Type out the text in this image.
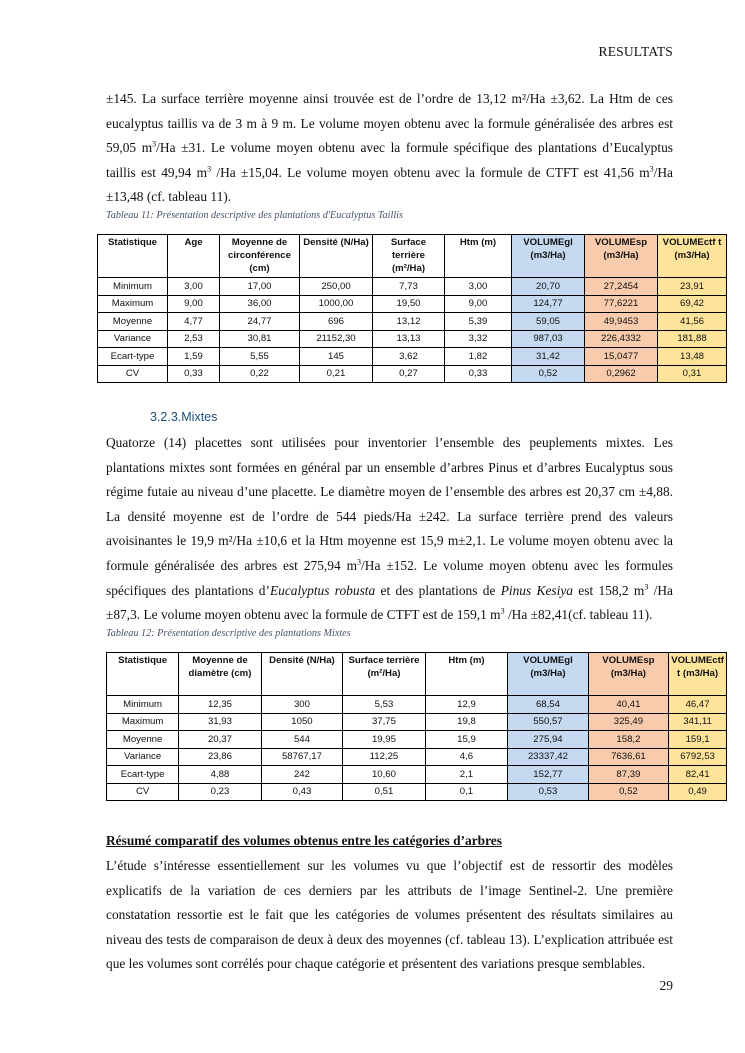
RESULTATS

±145. La surface terrière moyenne ainsi trouvée est de l’ordre de 13,12 m²/Ha ±3,62. La Htm de ces eucalyptus taillis va de 3 m à 9 m. Le volume moyen obtenu avec la formule généralisée des arbres est 59,05 $m^3/Ha \pm 31$. Le volume moyen obtenu avec la formule spécifique des plantations d’Eucalyptus taillis est 49,94 $m^3$ /Ha ±15,04. Le volume moyen obtenu avec la formule de CTFT est 41,56 $m^3/Ha \pm 13,48$ (cf. tableau 11).

Tableau 11: Présentation descriptive des plantations d'Eucalyptus Taillis

Statistique	Age	Moyenne de circonférence (cm)	Densité (N/Ha)	Surface terrière (m²/Ha)	Htm (m)	VOLUMEgl (m3/Ha)	VOLUMEsp (m3/Ha)	VOLUMEctf t (m3/Ha)
Minimum	3,00	17,00	250,00	7,73	3,00	20,70	27,2454	23,91
Maximum	9,00	36,00	1000,00	19,50	9,00	124,77	77,6221	69,42
Moyenne	4,77	24,77	696	13,12	5,39	59,05	49,9453	41,56
Variance	2,53	30,81	21152,30	13,13	3,32	987,03	226,4332	181,88
Ecart-type	1,59	5,55	145	3,62	1,82	31,42	15,0477	13,48
CV	0,33	0,22	0,21	0,27	0,33	0,52	0,2962	0,31

3.2.3.Mixtes

Quatorze (14) placettes sont utilisées pour inventorier l’ensemble des peuplements mixtes. Les plantations mixtes sont formées en général par un ensemble d’arbres Pinus et d’arbres Eucalyptus sous régime futaie au niveau d’une placette. Le diamètre moyen de l’ensemble des arbres est 20,37 cm ±4,88. La densité moyenne est de l’ordre de 544 pieds/Ha ±242. La surface terrière prend des valeurs avoisinantes le 19,9 m²/Ha ±10,6 et la Htm moyenne est 15,9 m±2,1. Le volume moyen obtenu avec la formule généralisée des arbres est 275,94 $m^3/Ha \pm 152$. Le volume moyen obtenu avec les formules spécifiques des plantations d’Eucalyptus robusta et des plantations de Pinus Kesiya est 158,2 $m^3$ /Ha ±87,3. Le volume moyen obtenu avec la formule de CTFT est de 159,1 $m^3$ /Ha ±82,41(cf. tableau 11).

Tableau 12: Présentation descriptive des plantations Mixtes

Statistique	Moyenne de diamètre (cm)	Densité (N/Ha)	Surface terrière (m²/Ha)	Htm (m)	VOLUMEgl (m3/Ha)	VOLUMEsp (m3/Ha)	VOLUMEctf t (m3/Ha)
Minimum	12,35	300	5,53	12,9	68,54	40,41	46,47
Maximum	31,93	1050	37,75	19,8	550,57	325,49	341,11
Moyenne	20,37	544	19,95	15,9	275,94	158,2	159,1
Variance	23,86	58767,17	112,25	4,6	23337,42	7636,61	6792,53
Ecart-type	4,88	242	10,60	2,1	152,77	87,39	82,41
CV	0,23	0,43	0,51	0,1	0,53	0,52	0,49

Résumé comparatif des volumes obtenus entre les catégories d’arbres

L’étude s’intéresse essentiellement sur les volumes vu que l’objectif est de ressortir des modèles explicatifs de la variation de ces derniers par les attributs de l’image Sentinel-2. Une première constatation ressortie est le fait que les catégories de volumes présentent des résultats similaires au niveau des tests de comparaison de deux à deux des moyennes (cf. tableau 13). L’explication attribuée est que les volumes sont corrélés pour chaque catégorie et présentent des variations presque semblables.

29
